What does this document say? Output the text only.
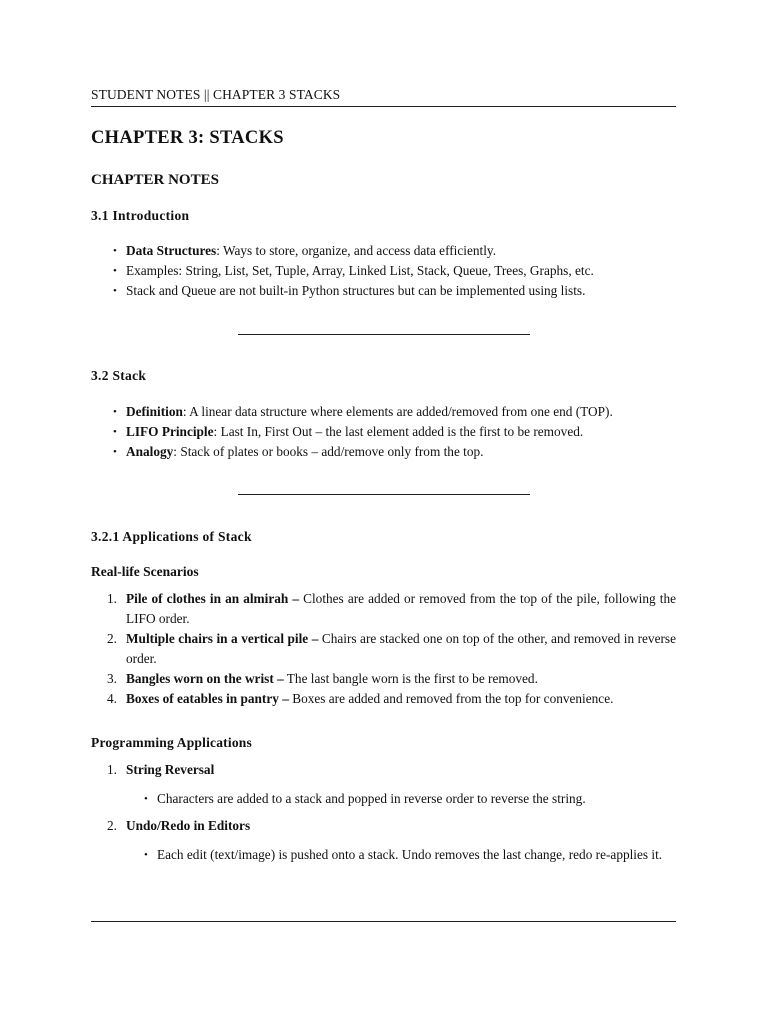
STUDENT NOTES || CHAPTER 3 STACKS
CHAPTER 3: STACKS
CHAPTER NOTES
3.1 Introduction
• Data Structures: Ways to store, organize, and access data efficiently.
• Examples: String, List, Set, Tuple, Array, Linked List, Stack, Queue, Trees, Graphs, etc.
• Stack and Queue are not built-in Python structures but can be implemented using lists.
3.2 Stack
• Definition: A linear data structure where elements are added/removed from one end (TOP).
• LIFO Principle: Last In, First Out – the last element added is the first to be removed.
• Analogy: Stack of plates or books – add/remove only from the top.
3.2.1 Applications of Stack
Real-life Scenarios
1. Pile of clothes in an almirah – Clothes are added or removed from the top of the pile, following the LIFO order.
2. Multiple chairs in a vertical pile – Chairs are stacked one on top of the other, and removed in reverse order.
3. Bangles worn on the wrist – The last bangle worn is the first to be removed.
4. Boxes of eatables in pantry – Boxes are added and removed from the top for convenience.
Programming Applications
1. String Reversal
• Characters are added to a stack and popped in reverse order to reverse the string.
2. Undo/Redo in Editors
• Each edit (text/image) is pushed onto a stack. Undo removes the last change, redo re-applies it.
